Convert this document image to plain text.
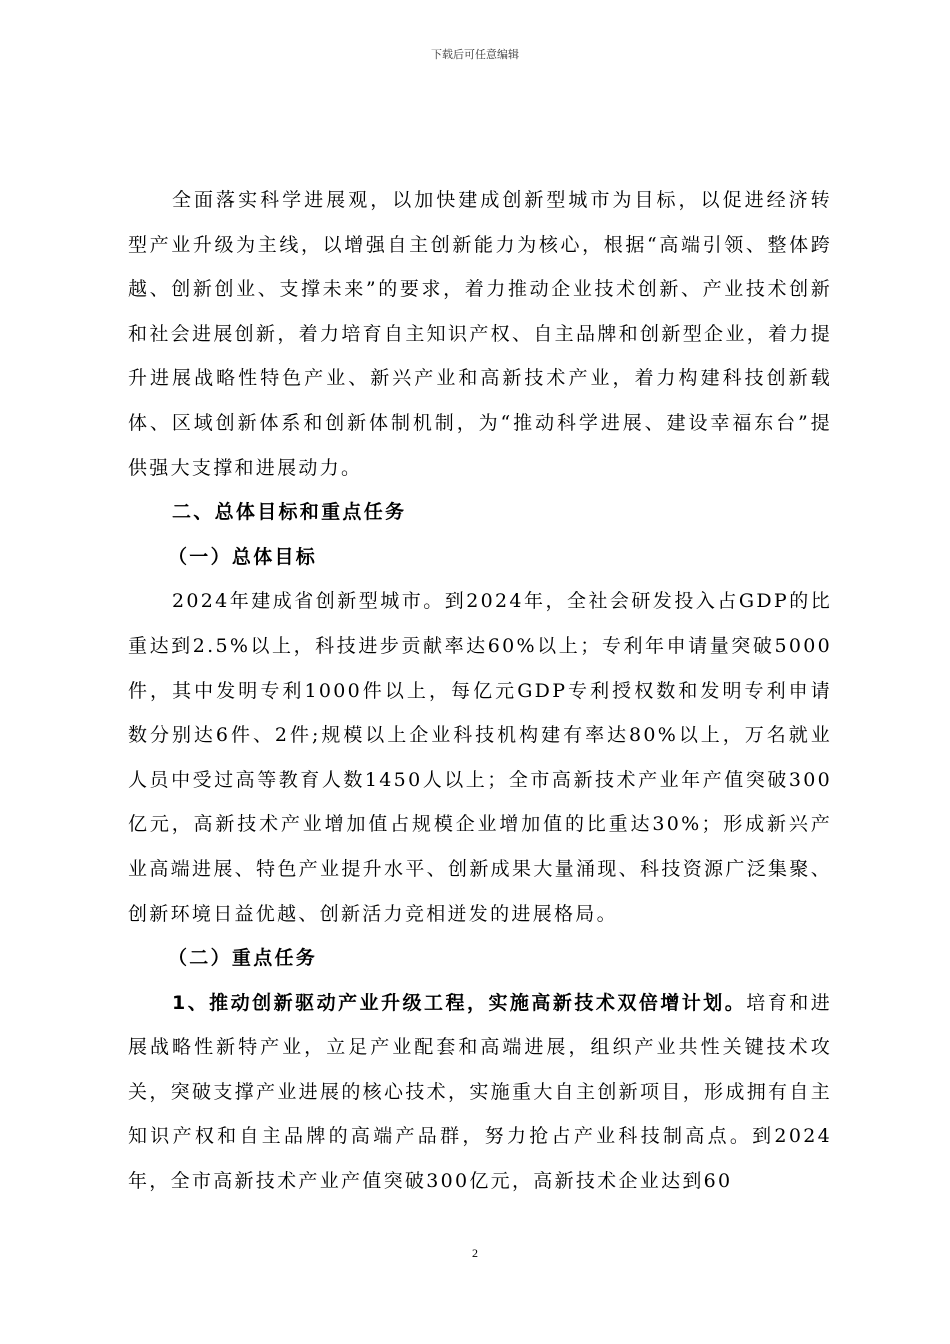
下载后可任意编辑

全面落实科学进展观，以加快建成创新型城市为目标，以促进经济转型产业升级为主线，以增强自主创新能力为核心，根据“高端引领、整体跨越、创新创业、支撑未来”的要求，着力推动企业技术创新、产业技术创新和社会进展创新，着力培育自主知识产权、自主品牌和创新型企业，着力提升进展战略性特色产业、新兴产业和高新技术产业，着力构建科技创新载体、区域创新体系和创新体制机制，为“推动科学进展、建设幸福东台”提供强大支撑和进展动力。

二、总体目标和重点任务

（一）总体目标

2024年建成省创新型城市。到2024年，全社会研发投入占GDP的比重达到2.5%以上，科技进步贡献率达60%以上；专利年申请量突破5000件，其中发明专利1000件以上，每亿元GDP专利授权数和发明专利申请数分别达6件、2件;规模以上企业科技机构建有率达80%以上，万名就业人员中受过高等教育人数1450人以上；全市高新技术产业年产值突破300亿元，高新技术产业增加值占规模企业增加值的比重达30%；形成新兴产业高端进展、特色产业提升水平、创新成果大量涌现、科技资源广泛集聚、创新环境日益优越、创新活力竞相迸发的进展格局。

（二）重点任务

1、推动创新驱动产业升级工程，实施高新技术双倍增计划。培育和进展战略性新特产业，立足产业配套和高端进展，组织产业共性关键技术攻关，突破支撑产业进展的核心技术，实施重大自主创新项目，形成拥有自主知识产权和自主品牌的高端产品群，努力抢占产业科技制高点。到2024年，全市高新技术产业产值突破300亿元，高新技术企业达到60

2
